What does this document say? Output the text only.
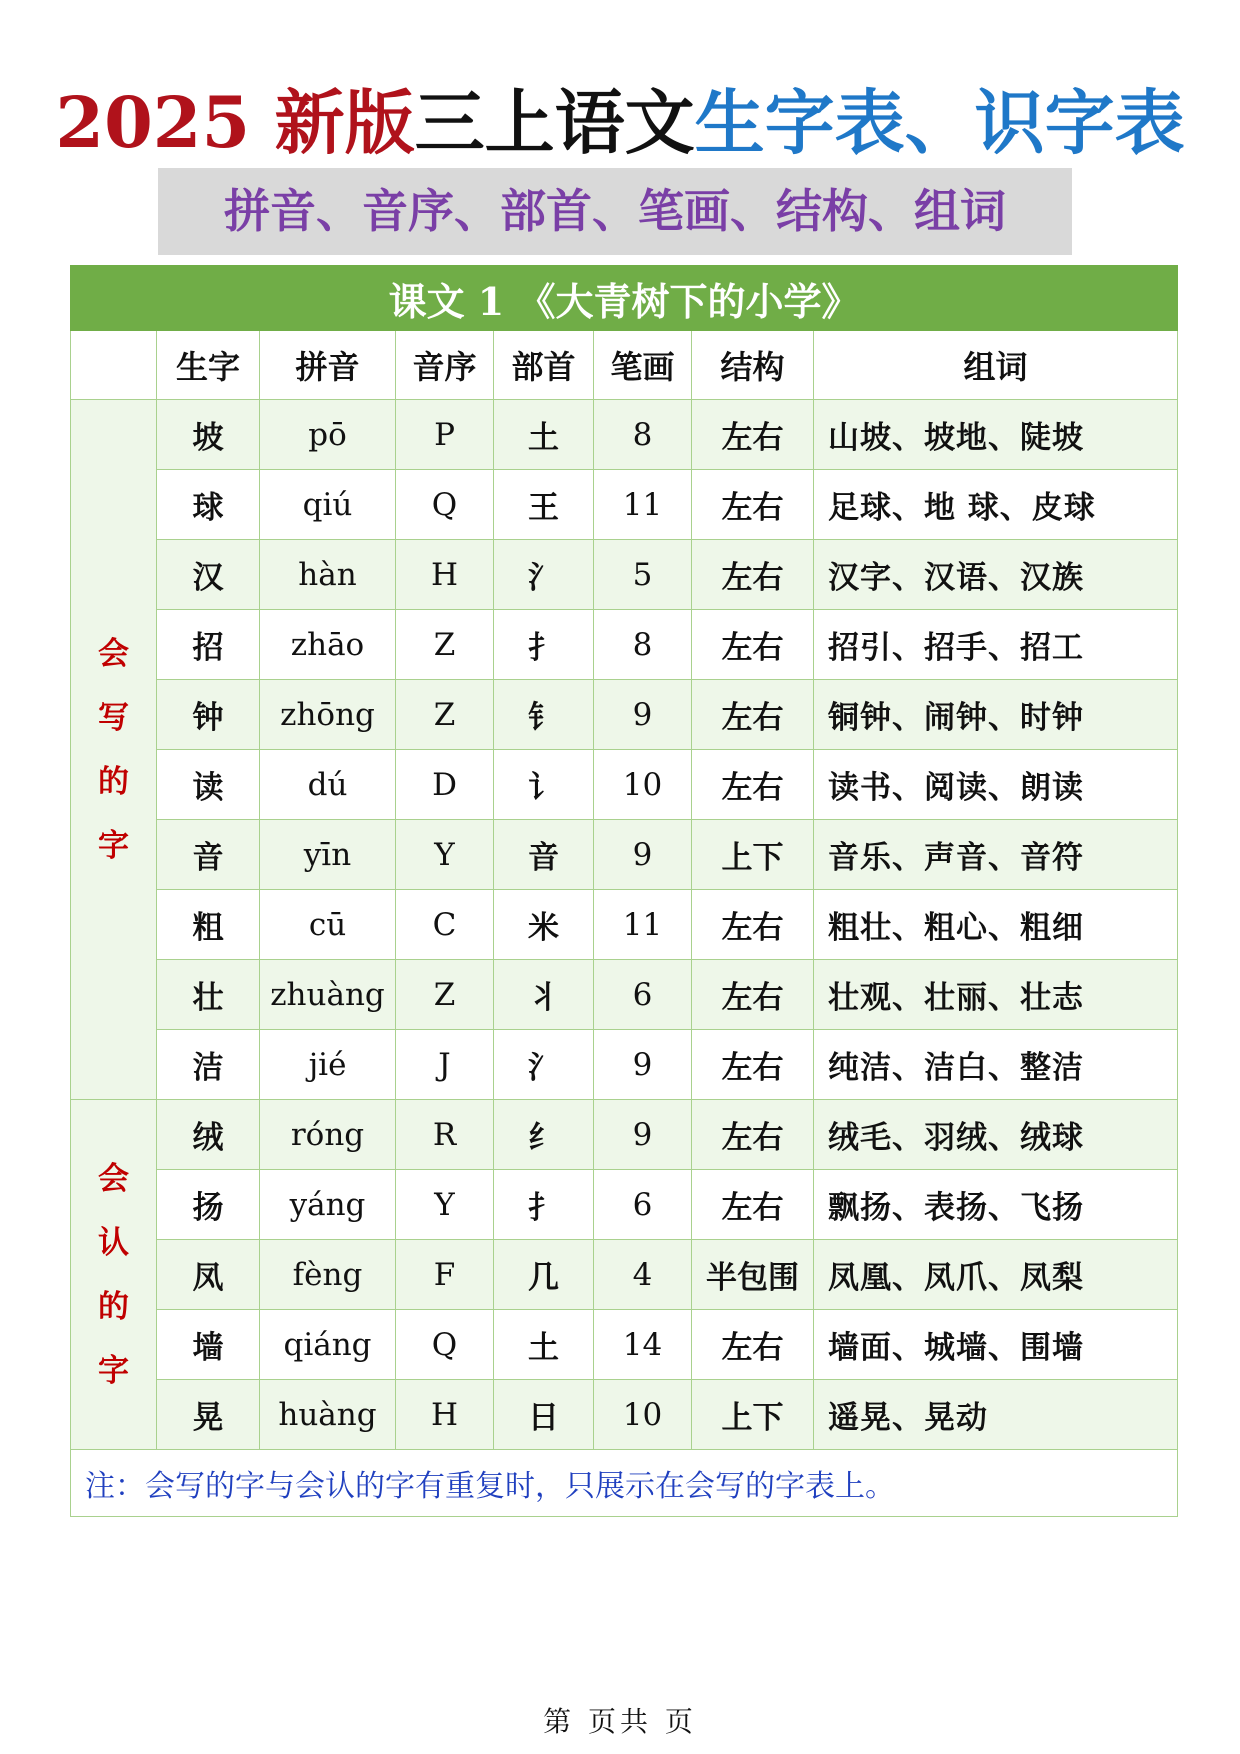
2025 新版三上语文生字表、识字表
拼音、音序、部首、笔画、结构、组词
课文 1 《大青树下的小学》							
	生字	拼音	音序	部首	笔画	结构	组词

会
写
的
字	坡	pō	P	土	8	左右	山坡、坡地、陡坡
	球	qiú	Q	王	11	左右	足球、地 球、皮球
	汉	hàn	H	氵	5	左右	汉字、汉语、汉族
	招	zhāo	Z	扌	8	左右	招引、招手、招工
	钟	zhōng	Z	钅	9	左右	铜钟、闹钟、时钟
	读	dú	D	讠	10	左右	读书、阅读、朗读
	音	yīn	Y	音	9	上下	音乐、声音、音符
	粗	cū	C	米	11	左右	粗壮、粗心、粗细
	壮	zhuàng	Z	丬	6	左右	壮观、壮丽、壮志
	洁	jié	J	氵	9	左右	纯洁、洁白、整洁

会
认
的
字	绒	róng	R	纟	9	左右	绒毛、羽绒、绒球
	扬	yáng	Y	扌	6	左右	飘扬、表扬、飞扬
	凤	fèng	F	几	4	半包围	凤凰、凤爪、凤梨
	墙	qiáng	Q	土	14	左右	墙面、城墙、围墙
	晃	huàng	H	日	10	上下	遥晃、晃动
注：会写的字与会认的字有重复时，只展示在会写的字表上。							
第 页共 页
